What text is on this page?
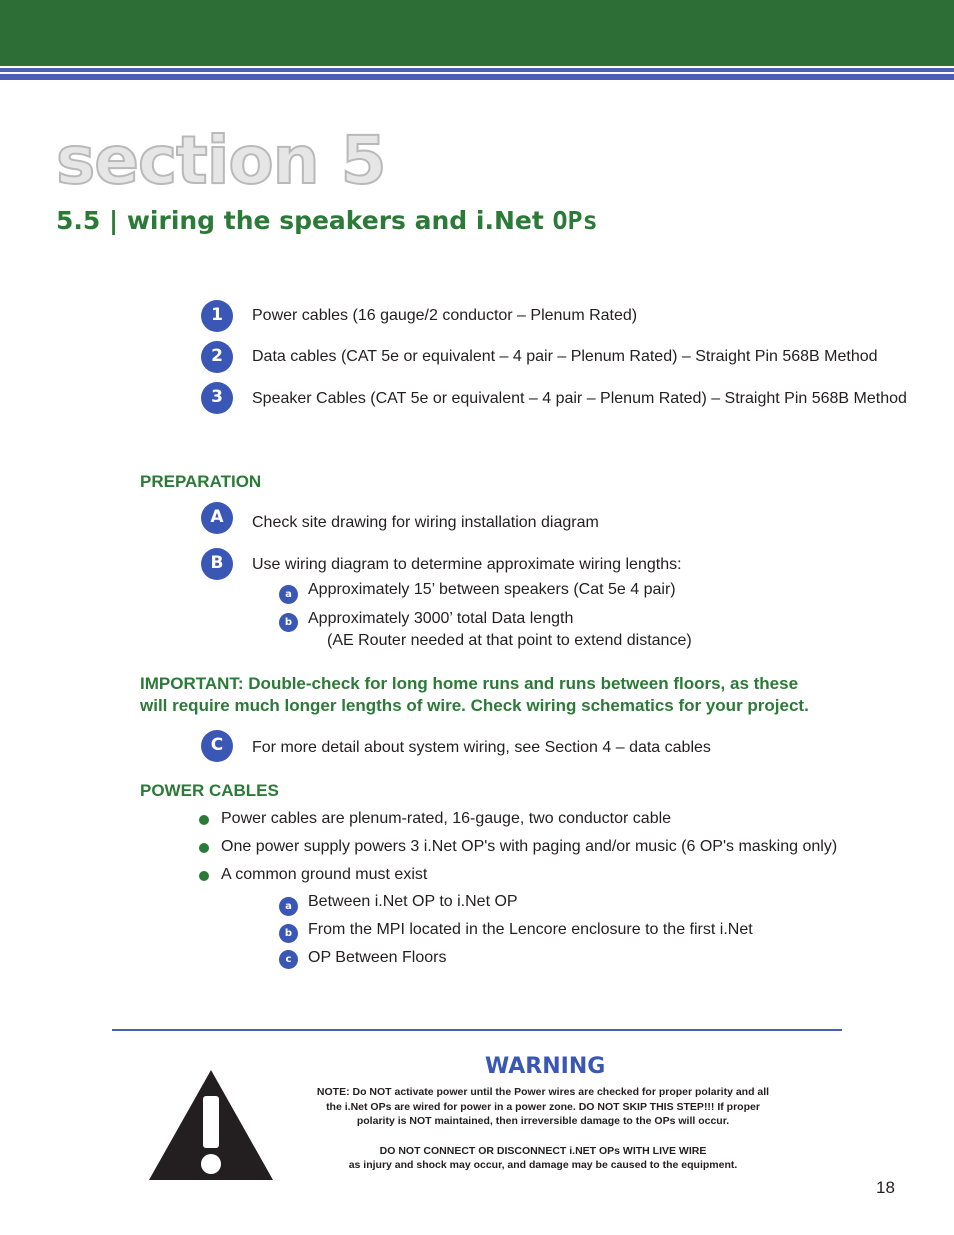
section 5
5.5 | wiring the speakers and i.Net OPs
1	Power cables (16 gauge/2 conductor – Plenum Rated)
2	Data cables (CAT 5e or equivalent – 4 pair – Plenum Rated) – Straight Pin 568B Method
3	Speaker Cables (CAT 5e or equivalent – 4 pair – Plenum Rated) – Straight Pin 568B Method
PREPARATION
A	Check site drawing for wiring installation diagram
B	Use wiring diagram to determine approximate wiring lengths:
a	Approximately 15’ between speakers (Cat 5e 4 pair)
b Approximately 3000’ total Data length
(AE Router needed at that point to extend distance)
IMPORTANT: Double-check for long home runs and runs between floors, as these
will require much longer lengths of wire. Check wiring schematics for your project.
C	For more detail about system wiring, see Section 4 – data cables
POWER CABLES
Power cables are plenum-rated, 16-gauge, two conductor cable
One power supply powers 3 i.Net OP's with paging and/or music (6 OP's masking only)
A common ground must exist
a	Between i.Net OP to i.Net OP
b From the MPI located in the Lencore enclosure to the first i.Net
c	OP Between Floors
WARNING
NOTE: Do NOT activate power until the Power wires are checked for proper polarity and all
the i.Net OPs are wired for power in a power zone. DO NOT SKIP THIS STEP!!! If proper
polarity is NOT maintained, then irreversible damage to the OPs will occur.
DO NOT CONNECT OR DISCONNECT i.NET OPs WITH LIVE WIRE
as injury and shock may occur, and damage may be caused to the equipment.
18
